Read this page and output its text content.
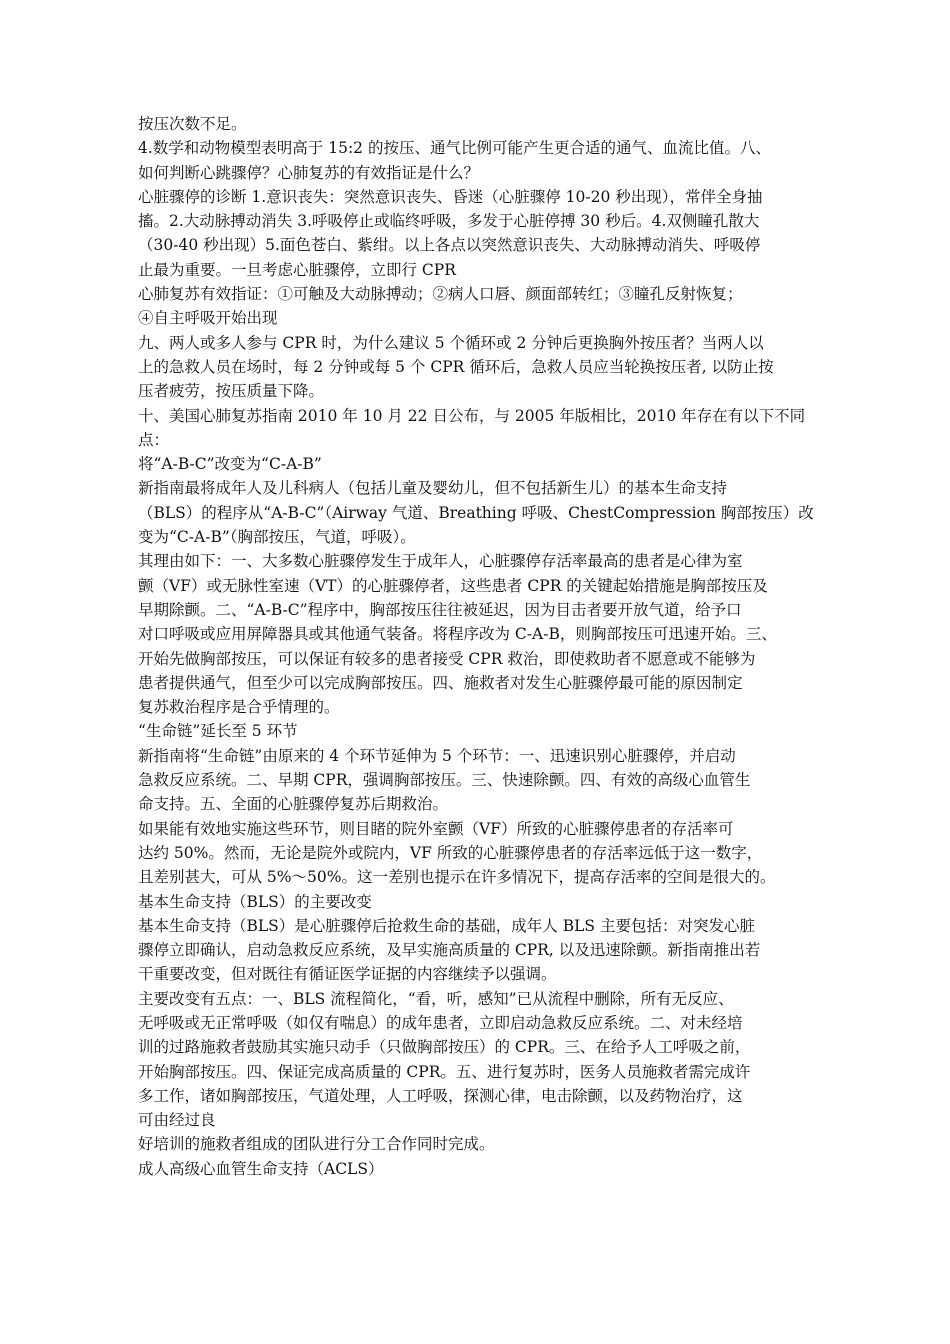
按压次数不足。
4.数学和动物模型表明高于 15:2 的按压、通气比例可能产生更合适的通气、血流比值。八、
如何判断心跳骤停？心肺复苏的有效指证是什么？
心脏骤停的诊断 1.意识丧失：突然意识丧失、昏迷（心脏骤停 10-20 秒出现），常伴全身抽
搐。2.大动脉搏动消失 3.呼吸停止或临终呼吸，多发于心脏停搏 30 秒后。4.双侧瞳孔散大
（30-40 秒出现）5.面色苍白、紫绀。以上各点以突然意识丧失、大动脉搏动消失、呼吸停
止最为重要。一旦考虑心脏骤停，立即行 CPR
心肺复苏有效指证：①可触及大动脉搏动；②病人口唇、颜面部转红；③瞳孔反射恢复；
④自主呼吸开始出现
九、两人或多人参与 CPR 时，为什么建议 5 个循环或 2 分钟后更换胸外按压者？当两人以
上的急救人员在场时，每 2 分钟或每 5 个 CPR 循环后，急救人员应当轮换按压者, 以防止按
压者疲劳，按压质量下降。
十、美国心肺复苏指南 2010 年 10 月 22 日公布，与 2005 年版相比，2010 年存在有以下不同
点：
将“A-B-C”改变为“C-A-B”
新指南最将成年人及儿科病人（包括儿童及婴幼儿，但不包括新生儿）的基本生命支持
（BLS）的程序从“A-B-C”（Airway 气道、Breathing 呼吸、ChestCompression 胸部按压）改
变为“C-A-B”（胸部按压，气道，呼吸）。
其理由如下：一、大多数心脏骤停发生于成年人，心脏骤停存活率最高的患者是心律为室
颤（VF）或无脉性室速（VT）的心脏骤停者，这些患者 CPR 的关键起始措施是胸部按压及
早期除颤。二、“A-B-C”程序中，胸部按压往往被延迟，因为目击者要开放气道，给予口
对口呼吸或应用屏障器具或其他通气装备。将程序改为 C-A-B，则胸部按压可迅速开始。三、
开始先做胸部按压，可以保证有较多的患者接受 CPR 救治，即使救助者不愿意或不能够为
患者提供通气，但至少可以完成胸部按压。四、施救者对发生心脏骤停最可能的原因制定
复苏救治程序是合乎情理的。
“生命链”延长至 5 环节
新指南将“生命链”由原来的 4 个环节延伸为 5 个环节：一、迅速识别心脏骤停，并启动
急救反应系统。二、早期 CPR，强调胸部按压。三、快速除颤。四、有效的高级心血管生
命支持。五、全面的心脏骤停复苏后期救治。
如果能有效地实施这些环节，则目睹的院外室颤（VF）所致的心脏骤停患者的存活率可
达约 50%。然而，无论是院外或院内，VF 所致的心脏骤停患者的存活率远低于这一数字，
且差别甚大，可从 5%～50%。这一差别也提示在许多情况下，提高存活率的空间是很大的。
基本生命支持（BLS）的主要改变
基本生命支持（BLS）是心脏骤停后抢救生命的基础，成年人 BLS 主要包括：对突发心脏
骤停立即确认，启动急救反应系统，及早实施高质量的 CPR, 以及迅速除颤。新指南推出若
干重要改变，但对既往有循证医学证据的内容继续予以强调。
主要改变有五点：一、BLS 流程简化，“看，听，感知”已从流程中删除，所有无反应、
无呼吸或无正常呼吸（如仅有喘息）的成年患者，立即启动急救反应系统。二、对未经培
训的过路施救者鼓励其实施只动手（只做胸部按压）的 CPR。三、在给予人工呼吸之前，
开始胸部按压。四、保证完成高质量的 CPR。五、进行复苏时，医务人员施救者需完成许
多工作，诸如胸部按压，气道处理，人工呼吸，探测心律，电击除颤，以及药物治疗，这
可由经过良
好培训的施救者组成的团队进行分工合作同时完成。
成人高级心血管生命支持（ACLS）
